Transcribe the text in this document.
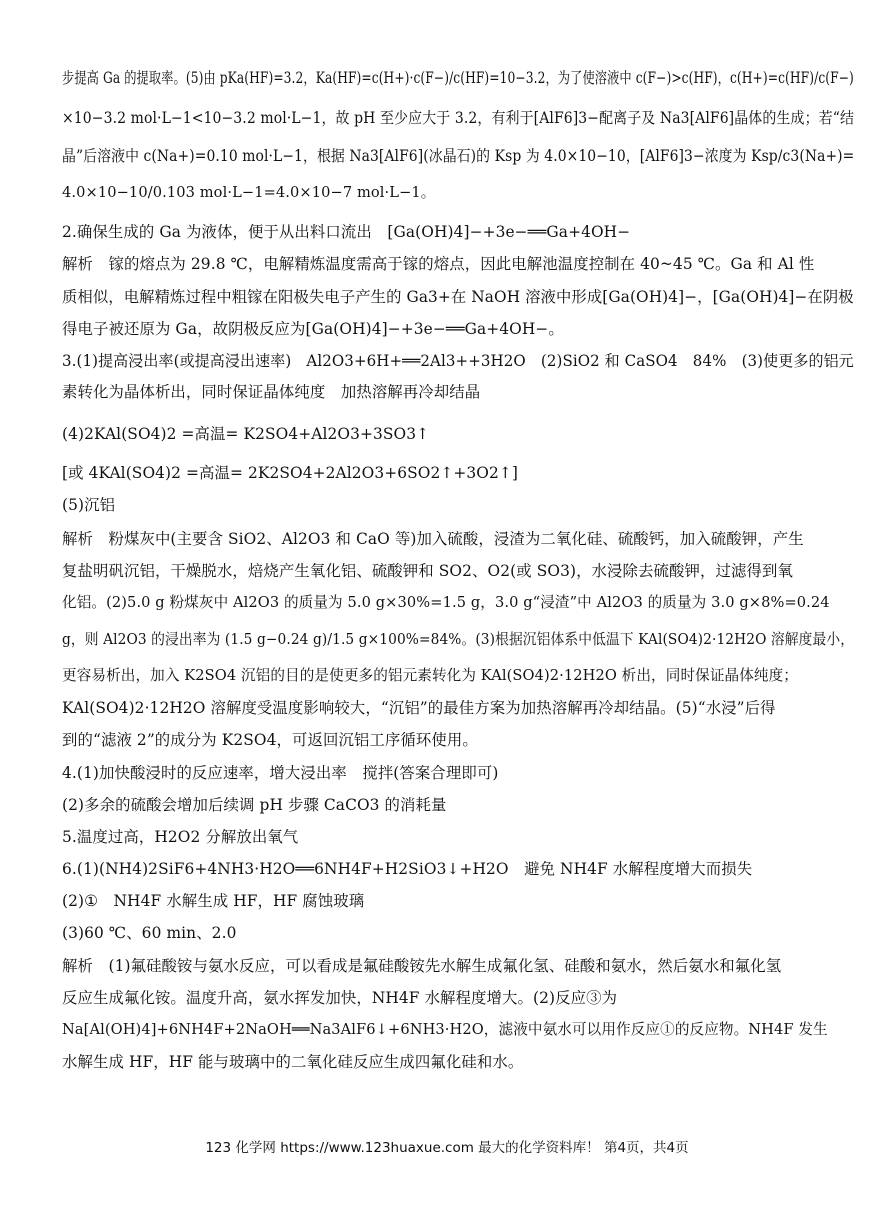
步提高 Ga 的提取率。(5)由 pKa(HF)=3.2，Ka(HF)=c(H+)·c(F−)/c(HF)=10−3.2，为了使溶液中 c(F−)>c(HF)，c(H+)=c(HF)/c(F−)
×10−3.2 mol·L−1<10−3.2 mol·L−1，故 pH 至少应大于 3.2，有利于[AlF6]3−配离子及 Na3[AlF6]晶体的生成；若“结
晶”后溶液中 c(Na+)=0.10 mol·L−1，根据 Na3[AlF6](冰晶石)的 Ksp 为 4.0×10−10，[AlF6]3−浓度为 Ksp/c3(Na+)=
4.0×10−10/0.103 mol·L−1=4.0×10−7 mol·L−1。
2.确保生成的 Ga 为液体，便于从出料口流出　[Ga(OH)4]−+3e−══Ga+4OH−
解析　镓的熔点为 29.8 ℃，电解精炼温度需高于镓的熔点，因此电解池温度控制在 40~45 ℃。Ga 和 Al 性
质相似，电解精炼过程中粗镓在阳极失电子产生的 Ga3+在 NaOH 溶液中形成[Ga(OH)4]−，[Ga(OH)4]−在阴极
得电子被还原为 Ga，故阴极反应为[Ga(OH)4]−+3e−══Ga+4OH−。
3.(1)提高浸出率(或提高浸出速率)　Al2O3+6H+══2Al3++3H2O　(2)SiO2 和 CaSO4　84%　(3)使更多的铝元
素转化为晶体析出，同时保证晶体纯度　加热溶解再冷却结晶
(4)2KAl(SO4)2 =高温= K2SO4+Al2O3+3SO3↑
[或 4KAl(SO4)2 =高温= 2K2SO4+2Al2O3+6SO2↑+3O2↑]
(5)沉铝
解析　粉煤灰中(主要含 SiO2、Al2O3 和 CaO 等)加入硫酸，浸渣为二氧化硅、硫酸钙，加入硫酸钾，产生
复盐明矾沉铝，干燥脱水，焙烧产生氧化铝、硫酸钾和 SO2、O2(或 SO3)，水浸除去硫酸钾，过滤得到氧
化铝。(2)5.0 g 粉煤灰中 Al2O3 的质量为 5.0 g×30%=1.5 g，3.0 g“浸渣”中 Al2O3 的质量为 3.0 g×8%=0.24
g，则 Al2O3 的浸出率为 (1.5 g−0.24 g)/1.5 g×100%=84%。(3)根据沉铝体系中低温下 KAl(SO4)2·12H2O 溶解度最小，
更容易析出，加入 K2SO4 沉铝的目的是使更多的铝元素转化为 KAl(SO4)2·12H2O 析出，同时保证晶体纯度；
KAl(SO4)2·12H2O 溶解度受温度影响较大，“沉铝”的最佳方案为加热溶解再冷却结晶。(5)“水浸”后得
到的“滤液 2”的成分为 K2SO4，可返回沉铝工序循环使用。
4.(1)加快酸浸时的反应速率，增大浸出率　搅拌(答案合理即可)
(2)多余的硫酸会增加后续调 pH 步骤 CaCO3 的消耗量
5.温度过高，H2O2 分解放出氧气
6.(1)(NH4)2SiF6+4NH3·H2O══6NH4F+H2SiO3↓+H2O　避免 NH4F 水解程度增大而损失
(2)①　NH4F 水解生成 HF，HF 腐蚀玻璃
(3)60 ℃、60 min、2.0
解析　(1)氟硅酸铵与氨水反应，可以看成是氟硅酸铵先水解生成氟化氢、硅酸和氨水，然后氨水和氟化氢
反应生成氟化铵。温度升高，氨水挥发加快，NH4F 水解程度增大。(2)反应③为
Na[Al(OH)4]+6NH4F+2NaOH══Na3AlF6↓+6NH3·H2O，滤液中氨水可以用作反应①的反应物。NH4F 发生
水解生成 HF，HF 能与玻璃中的二氧化硅反应生成四氟化硅和水。
123 化学网 https://www.123huaxue.com 最大的化学资料库！ 第4页，共4页
